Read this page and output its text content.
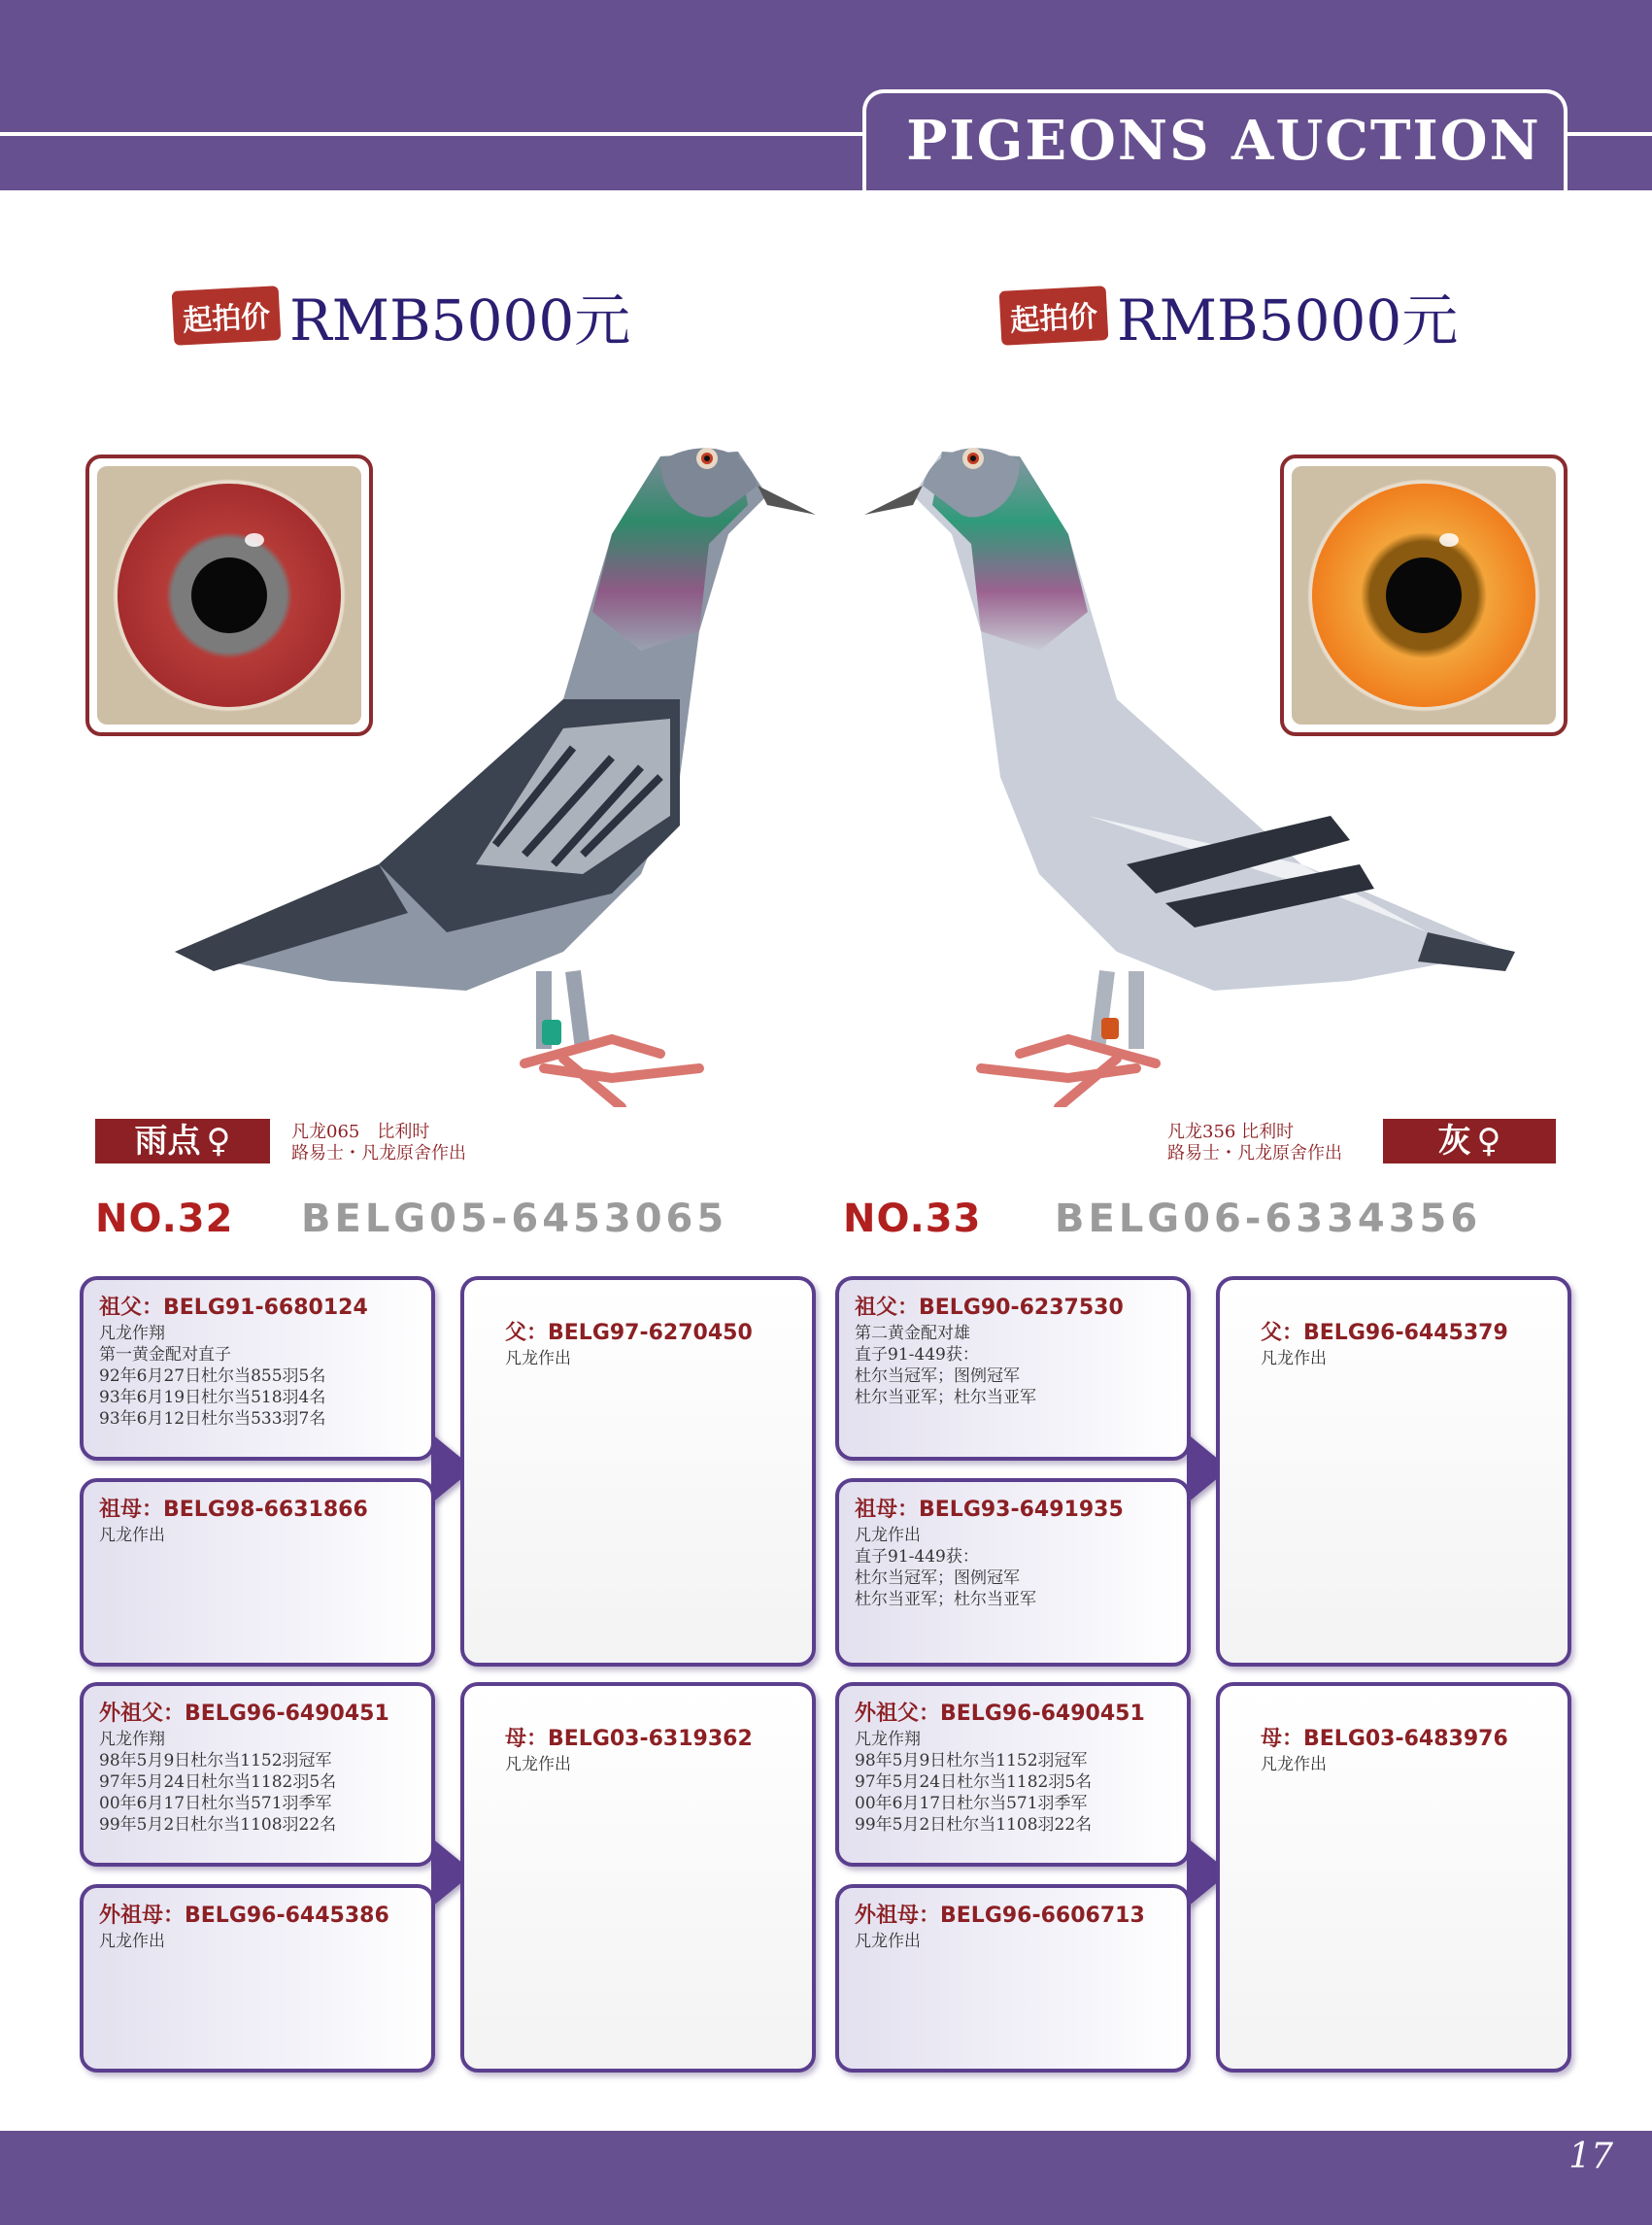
PIGEONS AUCTION
起拍价 RMB5000元	起拍价 RMB5000元
雨点 ♀	凡龙065　比利时
路易士・凡龙原舍作出
凡龙356 比利时
路易士・凡龙原舍作出	灰 ♀
NO.32 BELG05-6453065	NO.33 BELG06-6334356
祖父：BELG91-6680124
凡龙作翔
第一黄金配对直子
92年6月27日杜尔当855羽5名
93年6月19日杜尔当518羽4名
93年6月12日杜尔当533羽7名
祖母：BELG98-6631866
凡龙作出
父：BELG97-6270450
凡龙作出
外祖父：BELG96-6490451
凡龙作翔
98年5月9日杜尔当1152羽冠军
97年5月24日杜尔当1182羽5名
00年6月17日杜尔当571羽季军
99年5月2日杜尔当1108羽22名
外祖母：BELG96-6445386
凡龙作出
母：BELG03-6319362
凡龙作出
祖父：BELG90-6237530
第二黄金配对雄
直子91-449获：
杜尔当冠军；图例冠军
杜尔当亚军；杜尔当亚军
祖母：BELG93-6491935
凡龙作出
直子91-449获：
杜尔当冠军；图例冠军
杜尔当亚军；杜尔当亚军
父：BELG96-6445379
凡龙作出
外祖父：BELG96-6490451
凡龙作翔
98年5月9日杜尔当1152羽冠军
97年5月24日杜尔当1182羽5名
00年6月17日杜尔当571羽季军
99年5月2日杜尔当1108羽22名
外祖母：BELG96-6606713
凡龙作出
母：BELG03-6483976
凡龙作出
17
